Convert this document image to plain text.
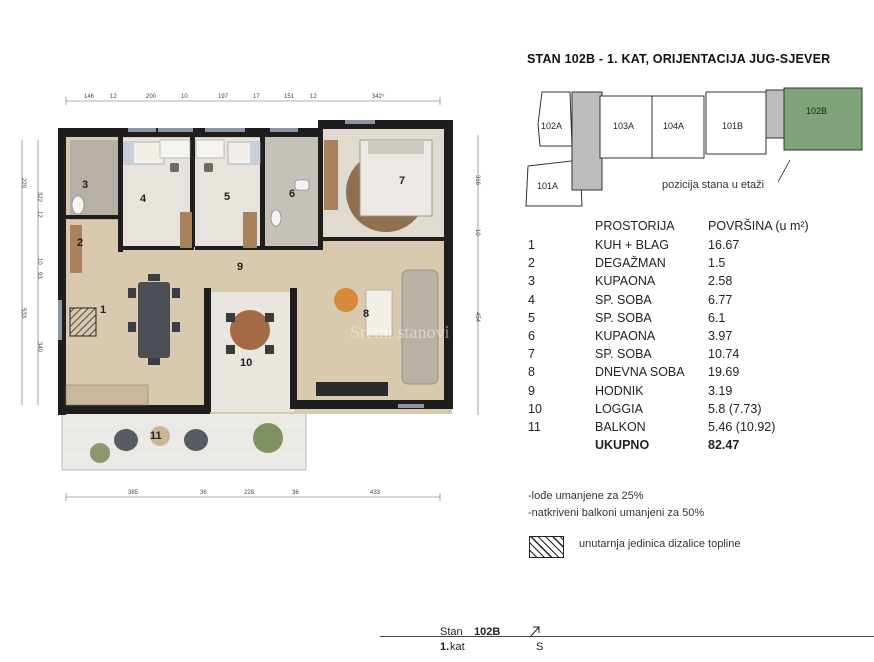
146	12	200	10	197	17	151	12	342⁵
385	36	228	36	433
220
322
12
10
93
533
340
316
10
454
Sretni stanovi
1
2
3
4	5	6
7
8
9
10
11
STAN 102B - 1. KAT, ORIJENTACIJA JUG-SJEVER
102A	103A	104A	101B
102B
101A	pozicija stana u etaži
	PROSTORIJA	POVRŠINA (u m²)
1	KUH + BLAG	16.67
2	DEGAŽMAN	1.5
3	KUPAONA	2.58
4	SP. SOBA	6.77
5	SP. SOBA	6.1
6	KUPAONA	3.97
7	SP. SOBA	10.74
8	DNEVNA SOBA	19.69
9	HODNIK	3.19
10	LOGGIA	5.8 (7.73)
11	BALKON	5.46 (10.92)
	UKUPNO	82.47
-lođe umanjene za 25%
-natkriveni balkoni umanjeni za 50%
unutarnja jedinica dizalice topline
Stan 102B
1. kat	S
